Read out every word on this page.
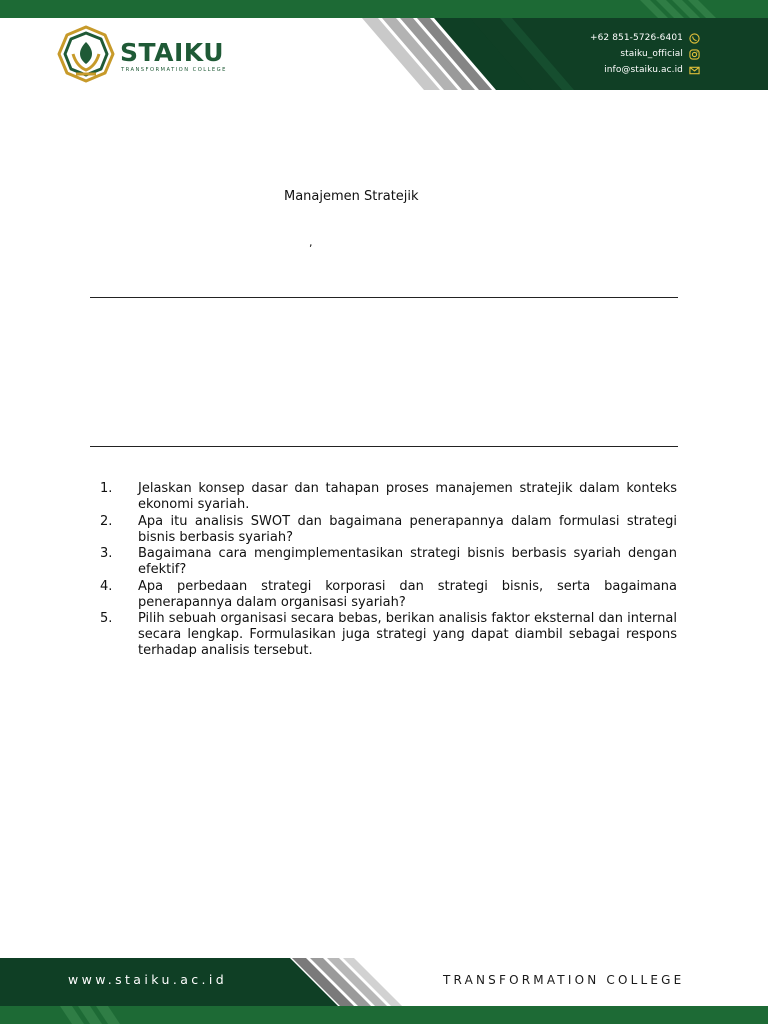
STAIKU
TRANSFORMATION COLLEGE
+62 851-5726-6401
staiku_official
info@staiku.ac.id
Manajemen Stratejik
,
1.	Jelaskan konsep dasar dan tahapan proses manajemen stratejik dalam konteks ekonomi syariah.
2.	Apa itu analisis SWOT dan bagaimana penerapannya dalam formulasi strategi bisnis berbasis syariah?
3.	Bagaimana cara mengimplementasikan strategi bisnis berbasis syariah dengan efektif?
4.	Apa perbedaan strategi korporasi dan strategi bisnis, serta bagaimana penerapannya dalam organisasi syariah?
5.	Pilih sebuah organisasi secara bebas, berikan analisis faktor eksternal dan internal secara lengkap. Formulasikan juga strategi yang dapat diambil sebagai respons terhadap analisis tersebut.
www.staiku.ac.id	TRANSFORMATION COLLEGE
